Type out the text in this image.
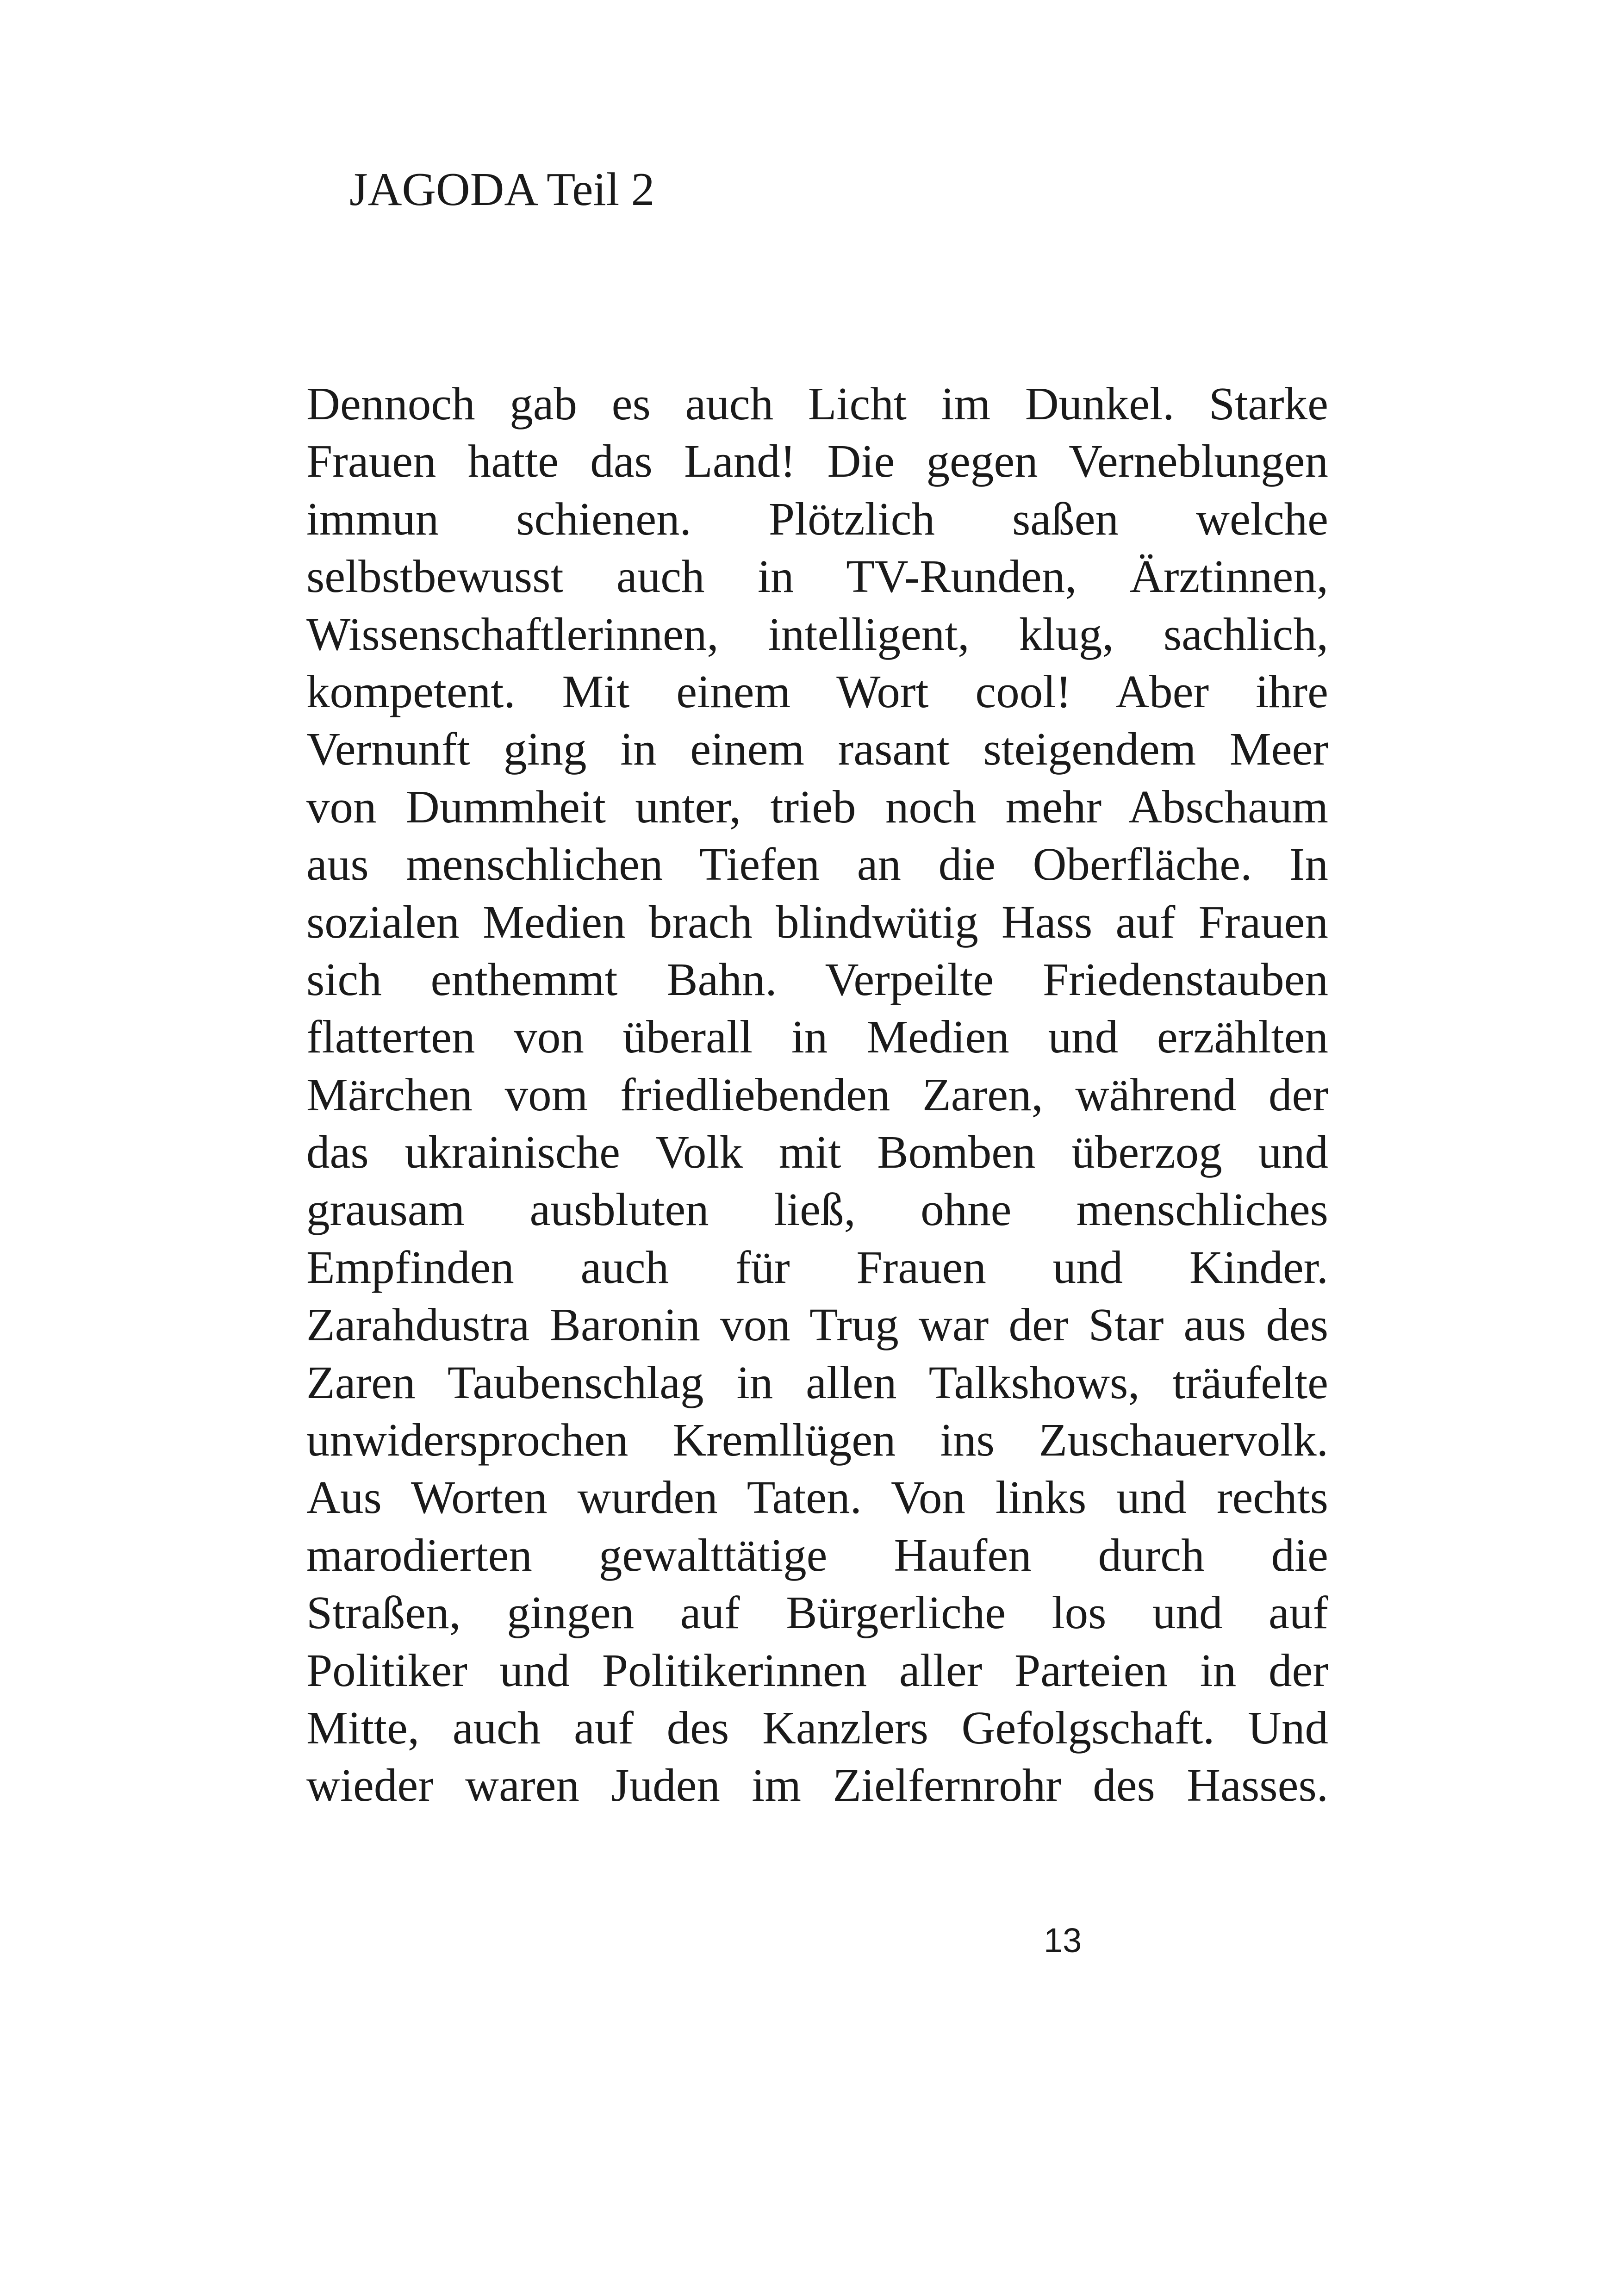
JAGODA Teil 2
Dennoch gab es auch Licht im Dunkel. Starke
Frauen hatte das Land! Die gegen Verneblungen
immun schienen. Plötzlich saßen welche
selbstbewusst auch in TV-Runden, Ärztinnen,
Wissenschaftlerinnen, intelligent, klug, sachlich,
kompetent. Mit einem Wort cool! Aber ihre
Vernunft ging in einem rasant steigendem Meer
von Dummheit unter, trieb noch mehr Abschaum
aus menschlichen Tiefen an die Oberfläche. In
sozialen Medien brach blindwütig Hass auf Frauen
sich enthemmt Bahn. Verpeilte Friedenstauben
flatterten von überall in Medien und erzählten
Märchen vom friedliebenden Zaren, während der
das ukrainische Volk mit Bomben überzog und
grausam ausbluten ließ, ohne menschliches
Empfinden auch für Frauen und Kinder.
Zarahdustra Baronin von Trug war der Star aus des
Zaren Taubenschlag in allen Talkshows, träufelte
unwidersprochen Kremllügen ins Zuschauervolk.
Aus Worten wurden Taten. Von links und rechts
marodierten gewalttätige Haufen durch die
Straßen, gingen auf Bürgerliche los und auf
Politiker und Politikerinnen aller Parteien in der
Mitte, auch auf des Kanzlers Gefolgschaft. Und
wieder waren Juden im Zielfernrohr des Hasses.
13
